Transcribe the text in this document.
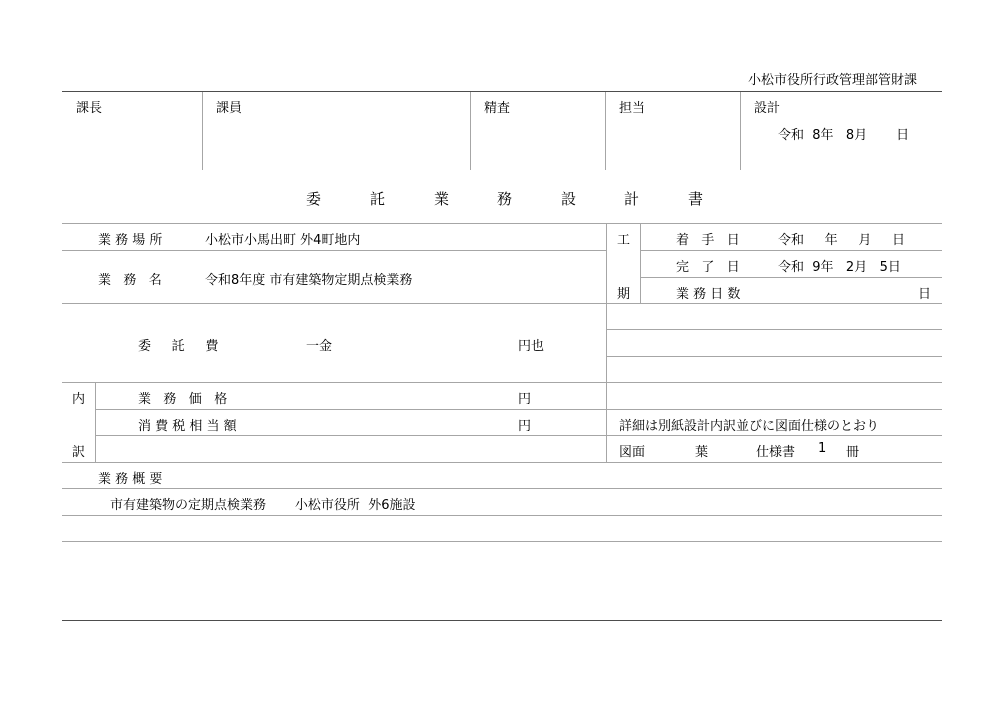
小松市役所行政管理部管財課
課長	課員	精査	担当	設計
令和  8年   8月       日
委	託	業	務	設	計	書
業 務 場 所	小松市小馬出町 外4町地内
業   務   名	令和8年度 市有建築物定期点検業務
工
期
着   手   日	令和     年     月     日
完   了   日	令和  9年   2月   5日
業 務 日 数	日
委     託     費	一金	円也
内
訳
業   務   価   格	円
消 費 税 相 当 額	円	詳細は別紙設計内訳並びに図面仕様のとおり
図面	葉	仕様書 1 冊
業 務 概 要
市有建築物の定期点検業務       小松市役所  外6施設
